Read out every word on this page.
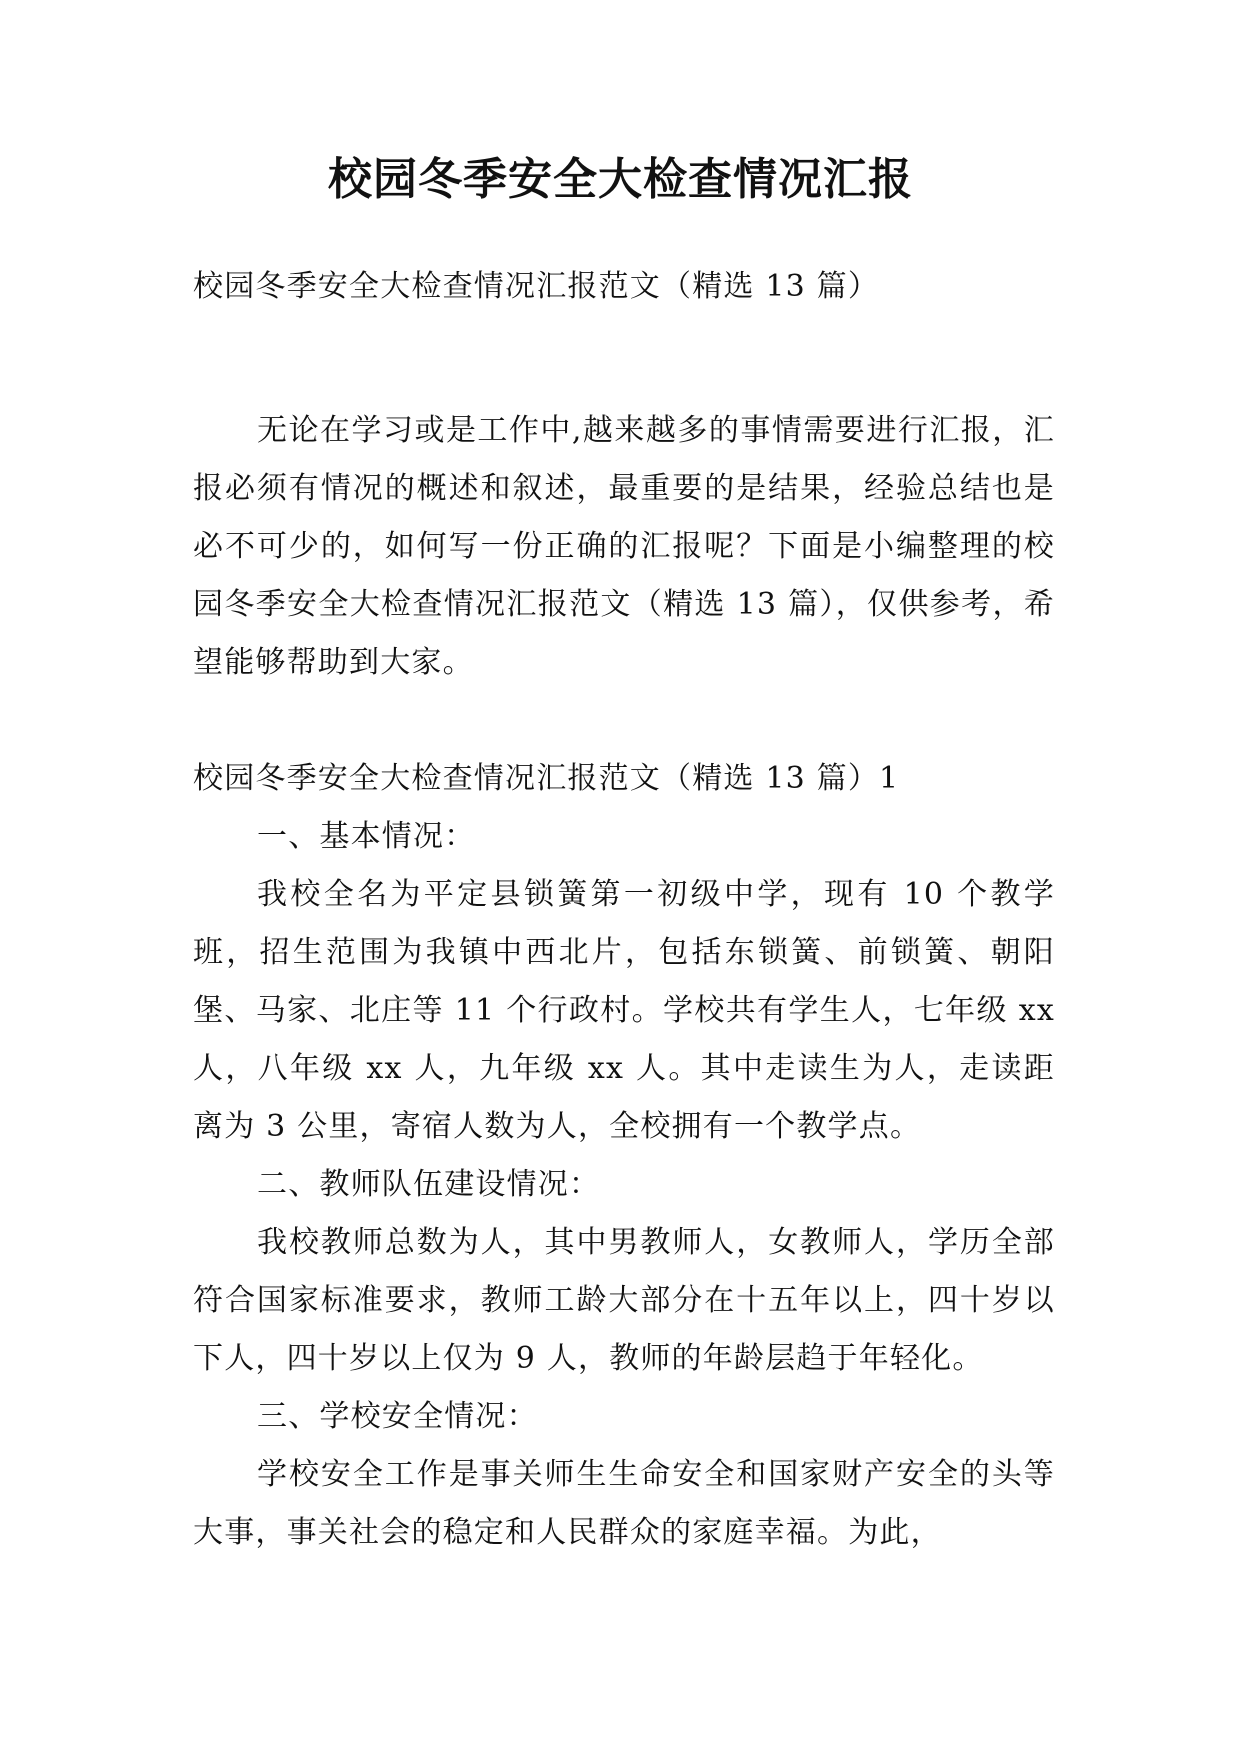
校园冬季安全大检查情况汇报
校园冬季安全大检查情况汇报范文（精选 13 篇）
无论在学习或是工作中,越来越多的事情需要进行汇报，汇报必须有情况的概述和叙述，最重要的是结果，经验总结也是必不可少的，如何写一份正确的汇报呢？下面是小编整理的校园冬季安全大检查情况汇报范文（精选 13 篇），仅供参考，希望能够帮助到大家。

校园冬季安全大检查情况汇报范文（精选 13 篇）1

一、基本情况：

我校全名为平定县锁簧第一初级中学，现有 10 个教学班，招生范围为我镇中西北片，包括东锁簧、前锁簧、朝阳堡、马家、北庄等 11 个行政村。学校共有学生人，七年级 xx 人，八年级 xx 人，九年级 xx 人。其中走读生为人，走读距离为 3 公里，寄宿人数为人，全校拥有一个教学点。

二、教师队伍建设情况：

我校教师总数为人，其中男教师人，女教师人，学历全部符合国家标准要求，教师工龄大部分在十五年以上，四十岁以下人，四十岁以上仅为 9 人，教师的年龄层趋于年轻化。

三、学校安全情况：

学校安全工作是事关师生生命安全和国家财产安全的头等大事，事关社会的稳定和人民群众的家庭幸福。为此，
